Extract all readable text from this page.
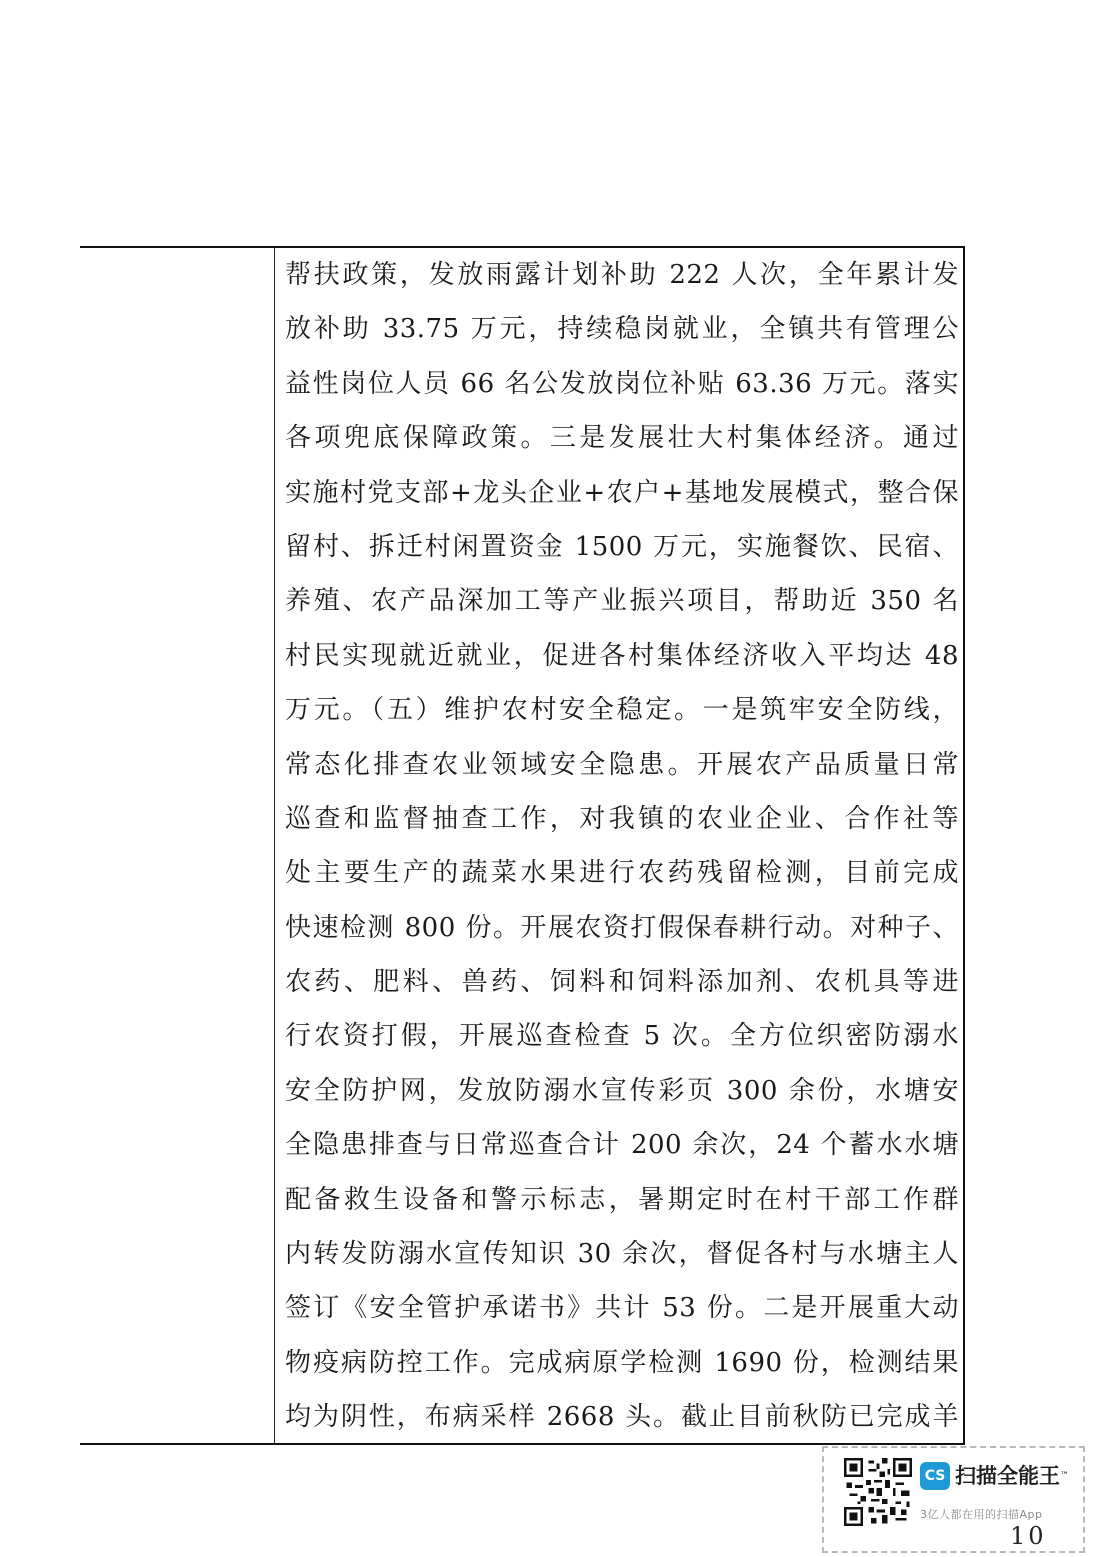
帮扶政策，发放雨露计划补助 222 人次，全年累计发
放补助 33.75 万元，持续稳岗就业，全镇共有管理公
益性岗位人员 66 名公发放岗位补贴 63.36 万元。落实
各项兜底保障政策。三是发展壮大村集体经济。通过
实施村党支部+龙头企业+农户+基地发展模式，整合保
留村、拆迁村闲置资金 1500 万元，实施餐饮、民宿、
养殖、农产品深加工等产业振兴项目，帮助近 350 名
村民实现就近就业，促进各村集体经济收入平均达 48
万元。（五）维护农村安全稳定。一是筑牢安全防线，
常态化排查农业领域安全隐患。开展农产品质量日常
巡查和监督抽查工作，对我镇的农业企业、合作社等
处主要生产的蔬菜水果进行农药残留检测，目前完成
快速检测 800 份。开展农资打假保春耕行动。对种子、
农药、肥料、兽药、饲料和饲料添加剂、农机具等进
行农资打假，开展巡查检查 5 次。全方位织密防溺水
安全防护网，发放防溺水宣传彩页 300 余份，水塘安
全隐患排查与日常巡查合计 200 余次，24 个蓄水水塘
配备救生设备和警示标志，暑期定时在村干部工作群
内转发防溺水宣传知识 30 余次，督促各村与水塘主人
签订《安全管护承诺书》共计 53 份。二是开展重大动
物疫病防控工作。完成病原学检测 1690 份，检测结果
均为阴性，布病采样 2668 头。截止目前秋防已完成羊
CS 扫描全能王™
3亿人都在用的扫描App
10
